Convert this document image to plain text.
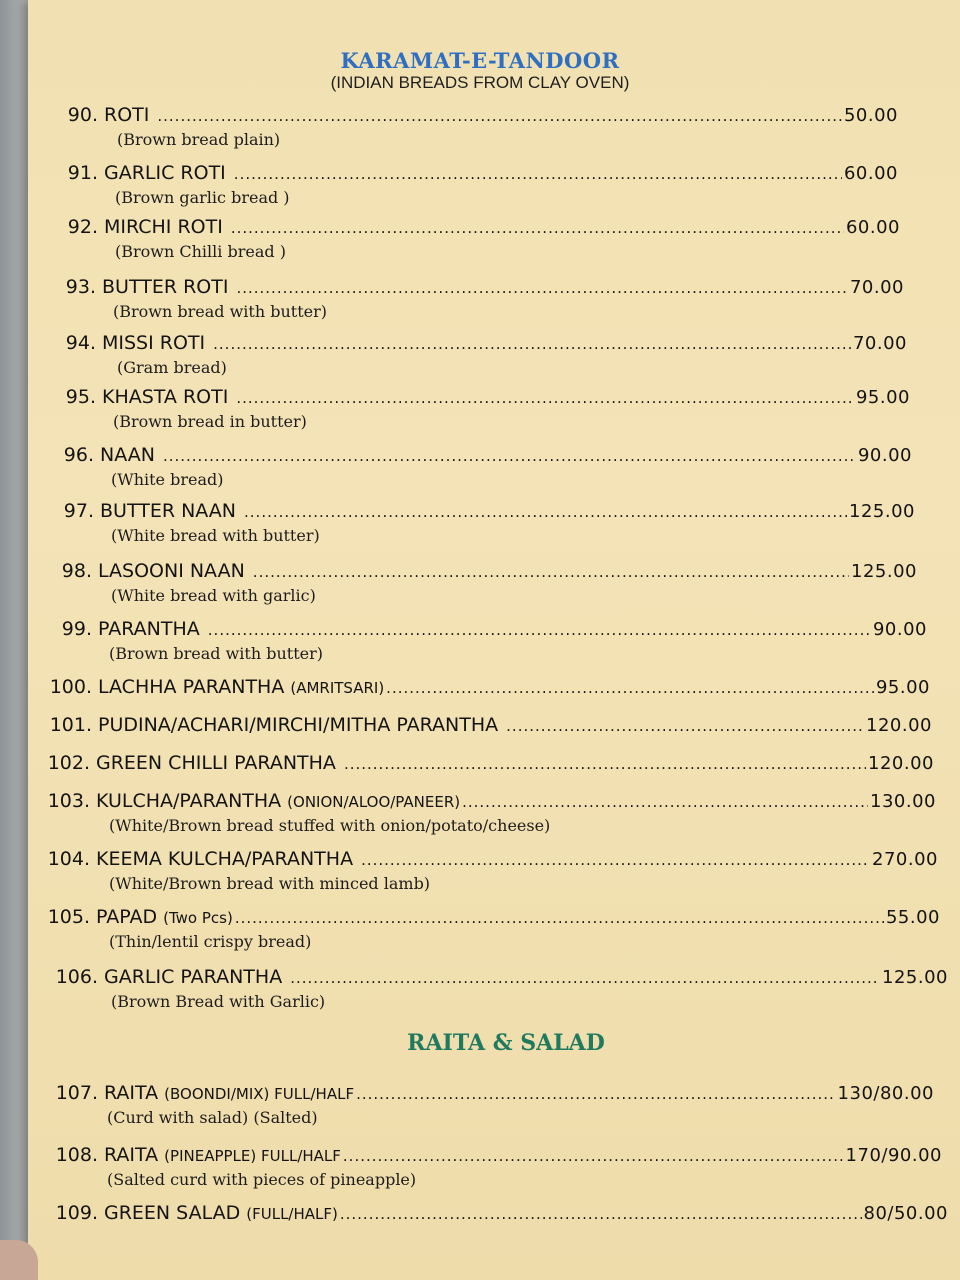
KARAMAT-E-TANDOOR
(INDIAN BREADS FROM CLAY OVEN)
RAITA & SALAD
90. ROTI .....	50.00
(Brown bread plain)
91. GARLIC ROTI .....	60.00
(Brown garlic bread )
92. MIRCHI ROTI .....	60.00
(Brown Chilli bread )
93. BUTTER ROTI .....	70.00
(Brown bread with butter)
94. MISSI ROTI .....	70.00
(Gram bread)
95. KHASTA ROTI .....	95.00
(Brown bread in butter)
96. NAAN .....	90.00
(White bread)
97. BUTTER NAAN .....	125.00
(White bread with butter)
98. LASOONI NAAN .....	125.00
(White bread with garlic)
99. PARANTHA .....	90.00
(Brown bread with butter)
100. LACHHA PARANTHA (AMRITSARI) .....	95.00
101. PUDINA/ACHARI/MIRCHI/MITHA PARANTHA .....	120.00
102. GREEN CHILLI PARANTHA .....	120.00
103. KULCHA/PARANTHA (ONION/ALOO/PANEER) .....	130.00
(White/Brown bread stuffed with onion/potato/cheese)
104. KEEMA KULCHA/PARANTHA .....	270.00
(White/Brown bread with minced lamb)
105. PAPAD (Two Pcs) .....	55.00
(Thin/lentil crispy bread)
106. GARLIC PARANTHA .....	125.00
(Brown Bread with Garlic)
107. RAITA (BOONDI/MIX) FULL/HALF .....	130/80.00
(Curd with salad) (Salted)
108. RAITA (PINEAPPLE) FULL/HALF .....	170/90.00
(Salted curd with pieces of pineapple)
109. GREEN SALAD (FULL/HALF) .....	80/50.00
